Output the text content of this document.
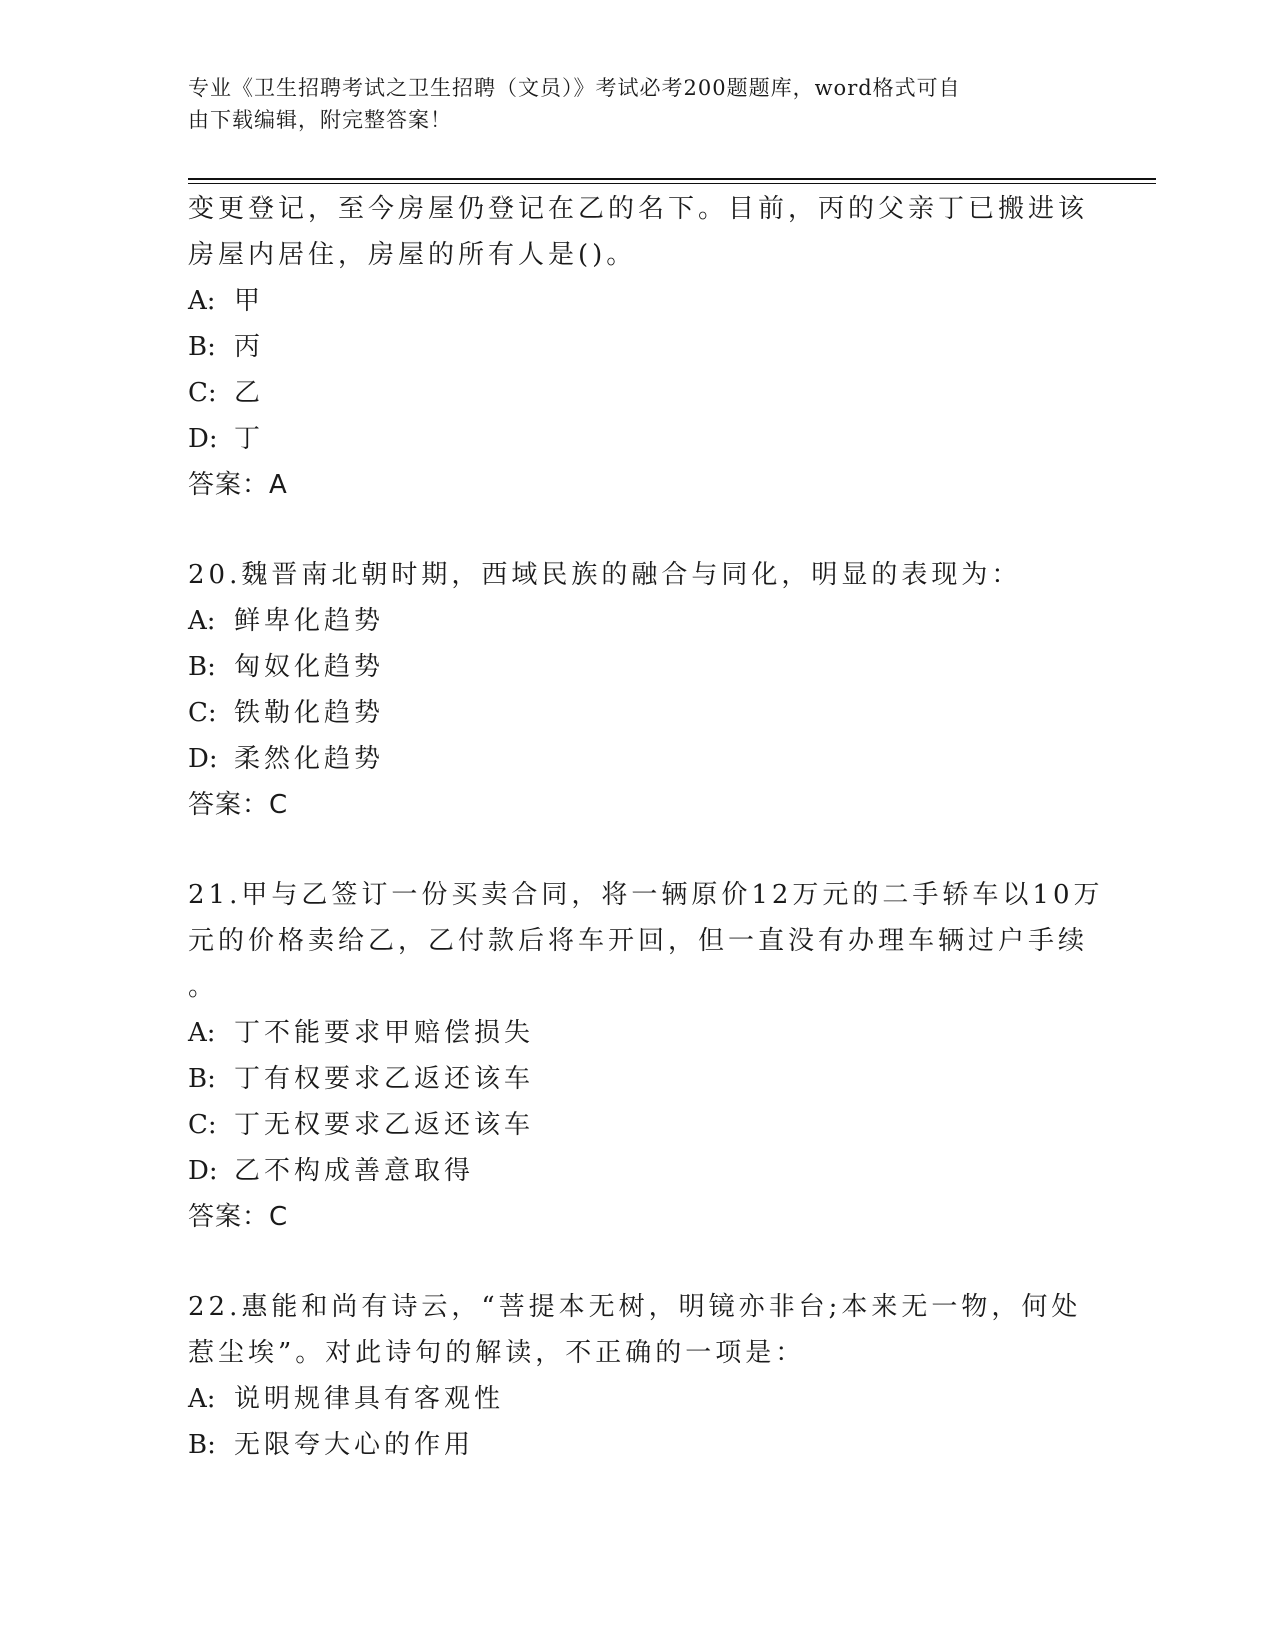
专业《卫生招聘考试之卫生招聘（文员）》考试必考200题题库，word格式可自
由下载编辑，附完整答案！
变更登记，至今房屋仍登记在乙的名下。目前，丙的父亲丁已搬进该
房屋内居住，房屋的所有人是()。
A: 甲
B: 丙
C: 乙
D: 丁
答案：A
20.魏晋南北朝时期，西域民族的融合与同化，明显的表现为：
A: 鲜卑化趋势
B: 匈奴化趋势
C: 铁勒化趋势
D: 柔然化趋势
答案：C
21.甲与乙签订一份买卖合同，将一辆原价12万元的二手轿车以10万
元的价格卖给乙，乙付款后将车开回，但一直没有办理车辆过户手续
。
A: 丁不能要求甲赔偿损失
B: 丁有权要求乙返还该车
C: 丁无权要求乙返还该车
D: 乙不构成善意取得
答案：C
22.惠能和尚有诗云，“菩提本无树，明镜亦非台;本来无一物，何处
惹尘埃”。对此诗句的解读，不正确的一项是：
A: 说明规律具有客观性
B: 无限夸大心的作用
